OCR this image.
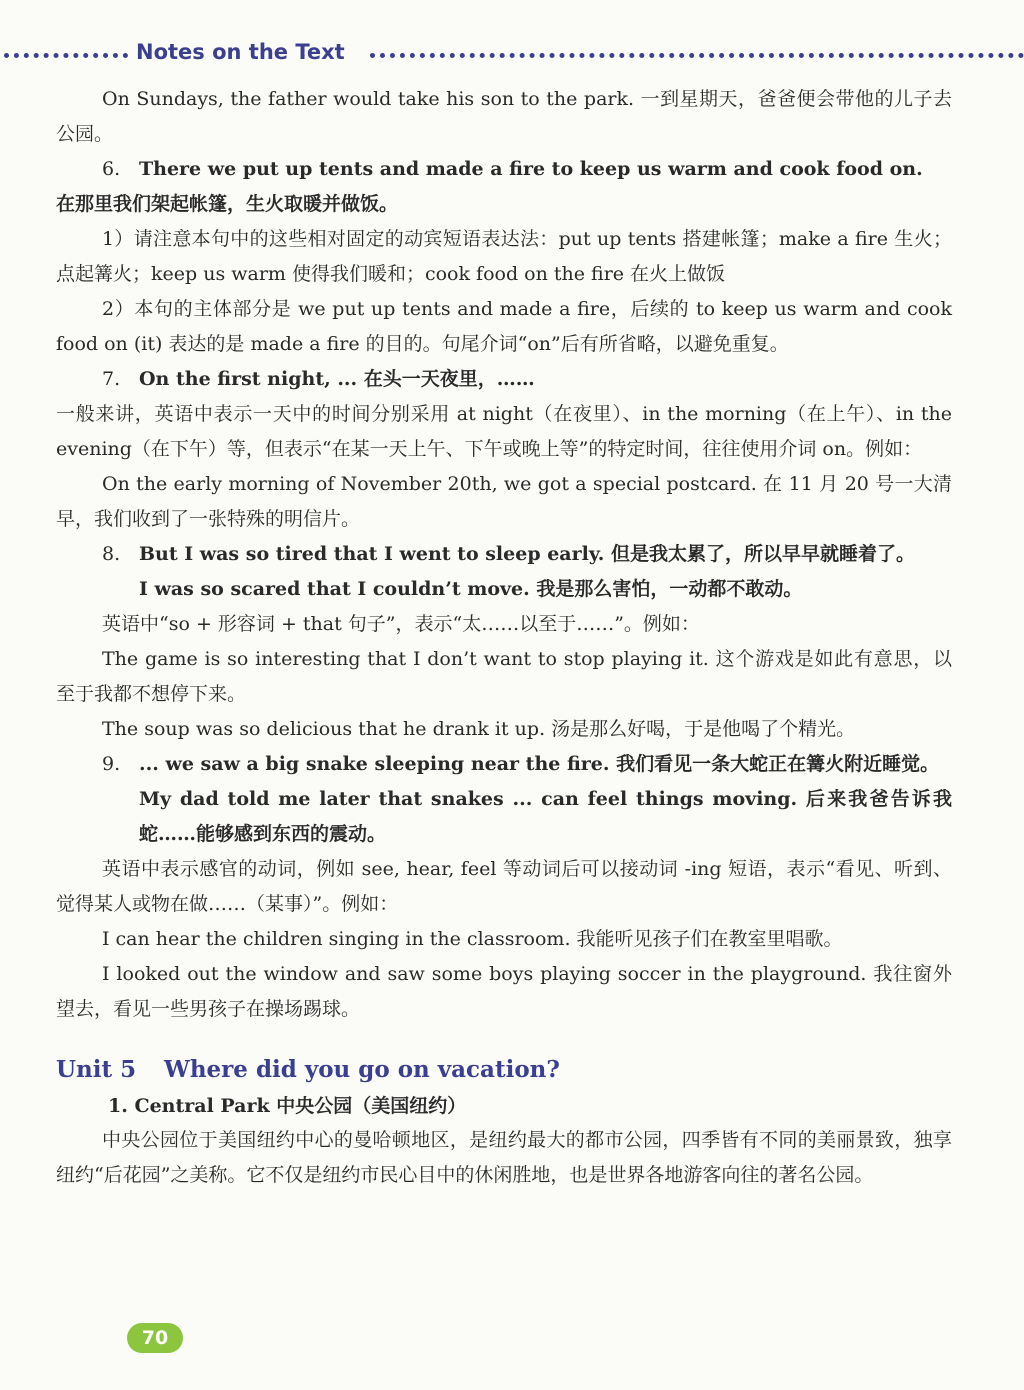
Notes on the Text

On Sundays, the father would take his son to the park. 一到星期天，爸爸便会带他的儿子去公园。

6. There we put up tents and made a fire to keep us warm and cook food on.

在那里我们架起帐篷，生火取暖并做饭。

1）请注意本句中的这些相对固定的动宾短语表达法：put up tents 搭建帐篷；make a fire 生火；点起篝火；keep us warm 使得我们暖和；cook food on the fire 在火上做饭

2）本句的主体部分是 we put up tents and made a fire，后续的 to keep us warm and cook food on (it) 表达的是 made a fire 的目的。句尾介词“on”后有所省略，以避免重复。

7. On the first night, ... 在头一天夜里，……

一般来讲，英语中表示一天中的时间分别采用 at night（在夜里）、in the morning（在上午）、in the evening（在下午）等，但表示“在某一天上午、下午或晚上等”的特定时间，往往使用介词 on。例如：

On the early morning of November 20th, we got a special postcard. 在 11 月 20 号一大清早，我们收到了一张特殊的明信片。

8. But I was so tired that I went to sleep early. 但是我太累了，所以早早就睡着了。

I was so scared that I couldn’t move. 我是那么害怕，一动都不敢动。

英语中“so + 形容词 + that 句子”，表示“太……以至于……”。例如：

The game is so interesting that I don’t want to stop playing it. 这个游戏是如此有意思，以至于我都不想停下来。

The soup was so delicious that he drank it up. 汤是那么好喝，于是他喝了个精光。

9. ... we saw a big snake sleeping near the fire. 我们看见一条大蛇正在篝火附近睡觉。

My dad told me later that snakes ... can feel things moving. 后来我爸告诉我蛇……能够感到东西的震动。

英语中表示感官的动词，例如 see, hear, feel 等动词后可以接动词 -ing 短语，表示“看见、听到、觉得某人或物在做……（某事）”。例如：

I can hear the children singing in the classroom. 我能听见孩子们在教室里唱歌。

I looked out the window and saw some boys playing soccer in the playground. 我往窗外望去，看见一些男孩子在操场踢球。

Unit 5 Where did you go on vacation?
1. Central Park 中央公园（美国纽约）

中央公园位于美国纽约中心的曼哈顿地区，是纽约最大的都市公园，四季皆有不同的美丽景致，独享纽约“后花园”之美称。它不仅是纽约市民心目中的休闲胜地，也是世界各地游客向往的著名公园。

70
